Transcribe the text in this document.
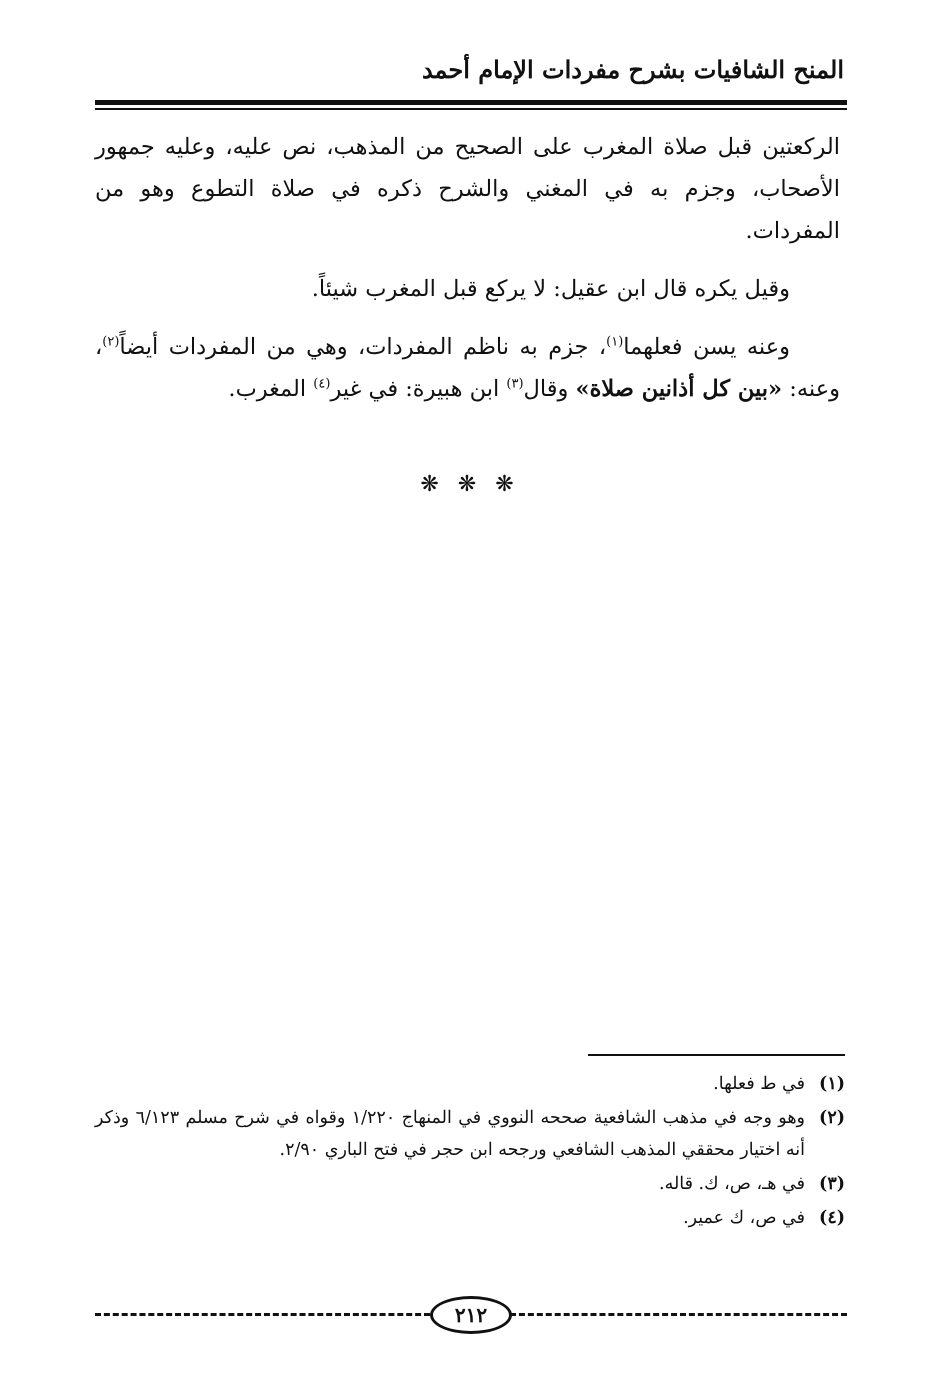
المنح الشافيات بشرح مفردات الإمام أحمد

الركعتين قبل صلاة المغرب على الصحيح من المذهب، نص عليه، وعليه جمهور الأصحاب، وجزم به في المغني والشرح ذكره في صلاة التطوع وهو من المفردات.

وقيل يكره قال ابن عقيل: لا يركع قبل المغرب شيئاً.

وعنه يسن فعلهما$^{(١)}$، جزم به ناظم المفردات، وهي من المفردات أيضاً$^{(٢)}$، وعنه: «بين كل أذانين صلاة» وقال$^{(٣)}$ ابن هبيرة: في غير$^{(٤)}$ المغرب.

❋ ❋ ❋
(١)
في ط فعلها.
(٢)
وهو وجه في مذهب الشافعية صححه النووي في المنهاج ١/٢٢٠ وقواه في شرح مسلم ٦/١٢٣ وذكر أنه اختيار محققي المذهب الشافعي ورجحه ابن حجر في فتح الباري ٢/٩٠.
(٣)
في هـ، ص، ك. قاله.
(٤)
في ص، ك عمير.
٢١٢
